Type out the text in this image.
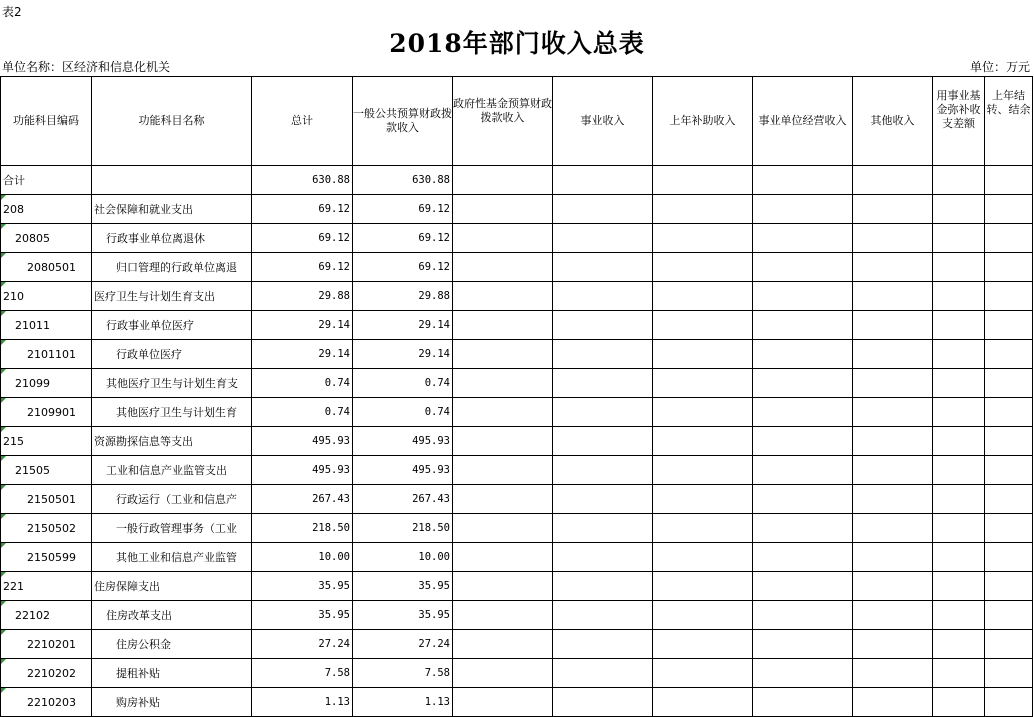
表2
2018年部门收入总表
单位名称：区经济和信息化机关	单位：万元
功能科目编码	功能科目名称	总计	一般公共预算财政拨款收入	政府性基金预算财政拨款收入	事业收入	上年补助收入	事业单位经营收入	其他收入	用事业基金弥补收支差额	上年结转、结余
合计		630.88	630.88							

208	社会保障和就业支出	69.12	69.12							

20805	行政事业单位离退休	69.12	69.12							

2080501	归口管理的行政单位离退	69.12	69.12							

210	医疗卫生与计划生育支出	29.88	29.88							

21011	行政事业单位医疗	29.14	29.14							

2101101	行政单位医疗	29.14	29.14							

21099	其他医疗卫生与计划生育支	0.74	0.74							

2109901	其他医疗卫生与计划生育	0.74	0.74							

215	资源勘探信息等支出	495.93	495.93							

21505	工业和信息产业监管支出	495.93	495.93							

2150501	行政运行（工业和信息产	267.43	267.43							

2150502	一般行政管理事务（工业	218.50	218.50							

2150599	其他工业和信息产业监管	10.00	10.00							

221	住房保障支出	35.95	35.95							

22102	住房改革支出	35.95	35.95							

2210201	住房公积金	27.24	27.24							

2210202	提租补贴	7.58	7.58							

2210203	购房补贴	1.13	1.13							
